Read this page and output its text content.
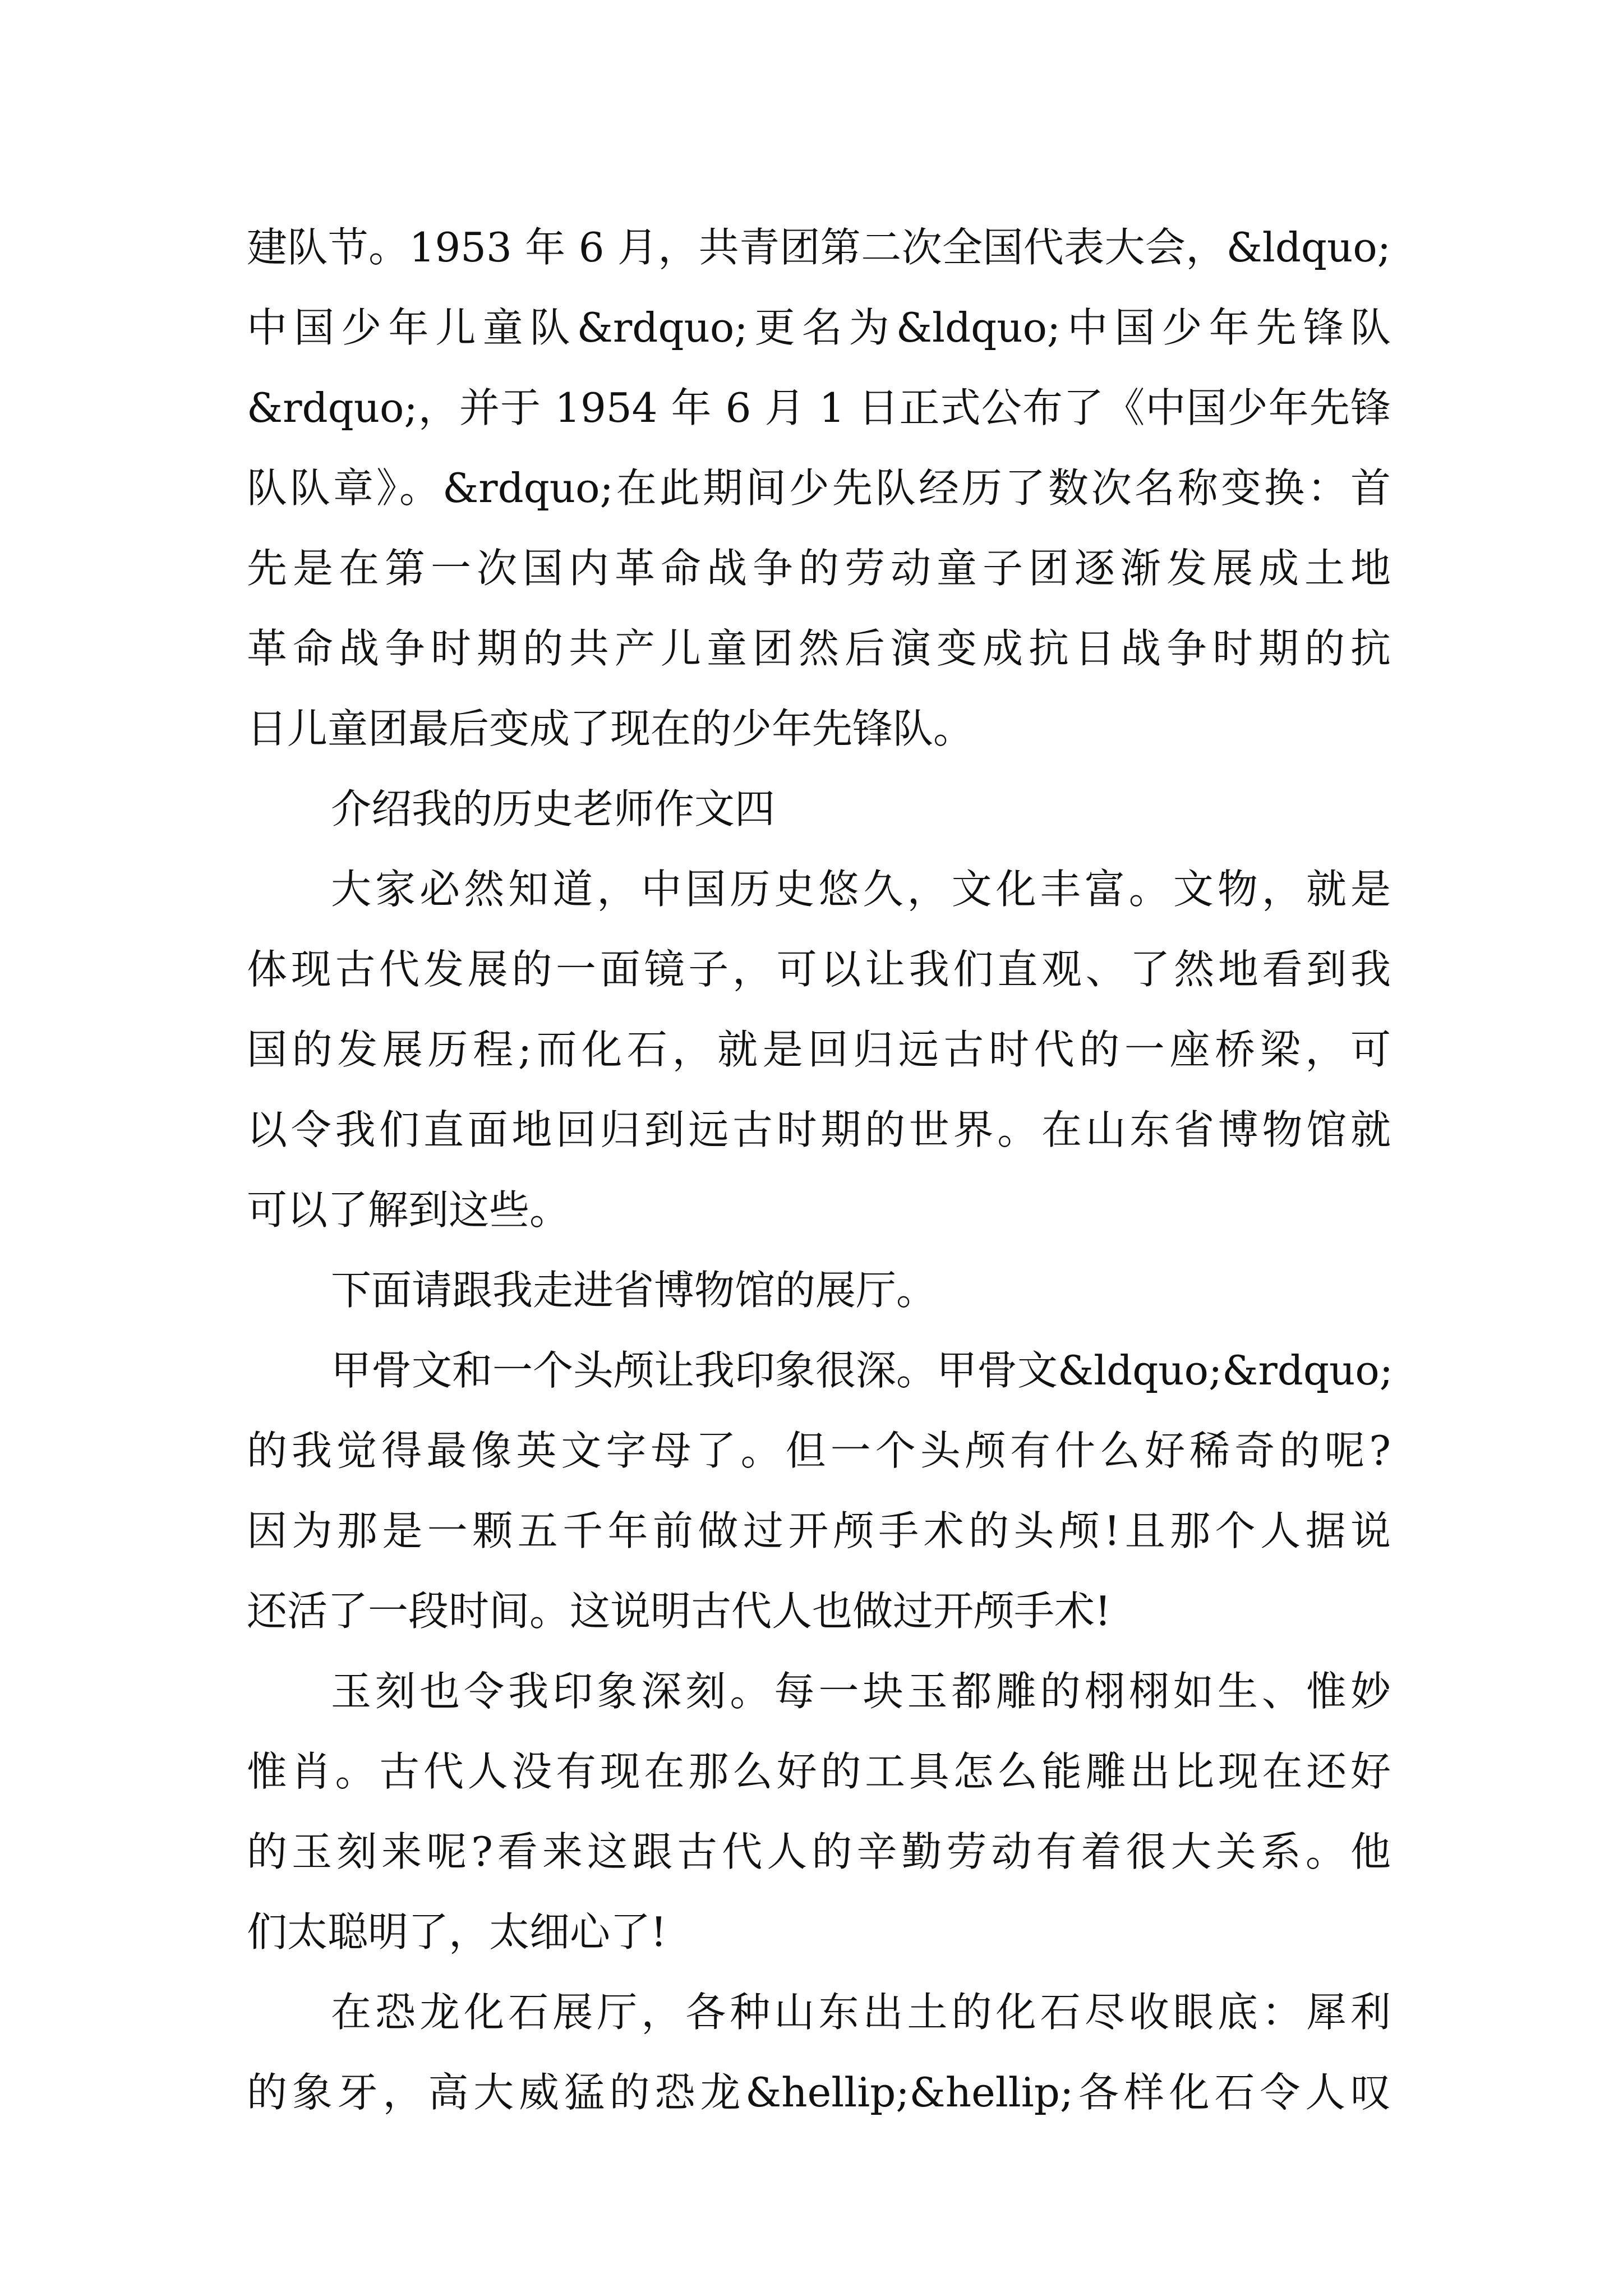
建队节。1953 年 6 月，共青团第二次全国代表大会，&ldquo;
中国少年儿童队&rdquo;更名为&ldquo;中国少年先锋队
&rdquo;，并于 1954 年 6 月 1 日正式公布了《中国少年先锋
队队章》。&rdquo;在此期间少先队经历了数次名称变换：首
先是在第一次国内革命战争的劳动童子团逐渐发展成土地
革命战争时期的共产儿童团然后演变成抗日战争时期的抗
日儿童团最后变成了现在的少年先锋队。
介绍我的历史老师作文四
大家必然知道，中国历史悠久，文化丰富。文物，就是
体现古代发展的一面镜子，可以让我们直观、了然地看到我
国的发展历程;而化石，就是回归远古时代的一座桥梁，可
以令我们直面地回归到远古时期的世界。在山东省博物馆就
可以了解到这些。
下面请跟我走进省博物馆的展厅。
甲骨文和一个头颅让我印象很深。甲骨文&ldquo;&rdquo;
的我觉得最像英文字母了。但一个头颅有什么好稀奇的呢?
因为那是一颗五千年前做过开颅手术的头颅!且那个人据说
还活了一段时间。这说明古代人也做过开颅手术!
玉刻也令我印象深刻。每一块玉都雕的栩栩如生、惟妙
惟肖。古代人没有现在那么好的工具怎么能雕出比现在还好
的玉刻来呢?看来这跟古代人的辛勤劳动有着很大关系。他
们太聪明了，太细心了!
在恐龙化石展厅，各种山东出土的化石尽收眼底：犀利
的象牙，高大威猛的恐龙&hellip;&hellip;各样化石令人叹
